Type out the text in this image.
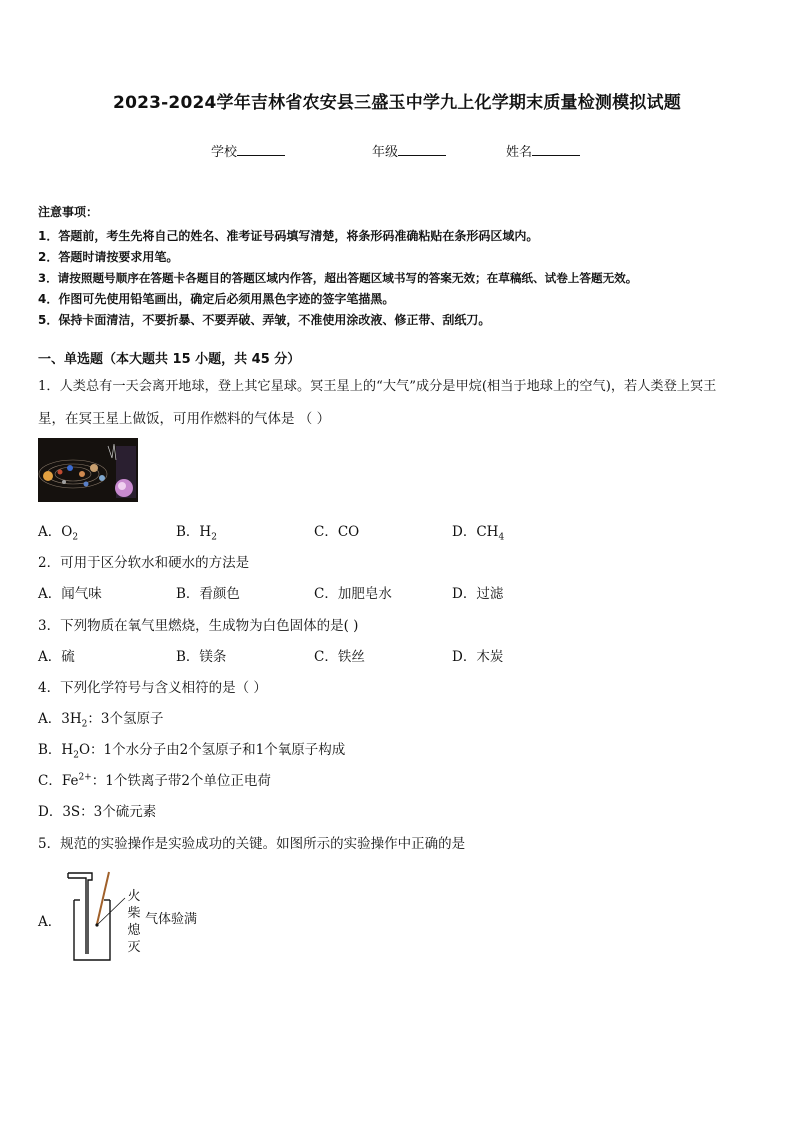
2023-2024学年吉林省农安县三盛玉中学九上化学期末质量检测模拟试题
学校	年级	姓名
注意事项：
1．答题前，考生先将自己的姓名、准考证号码填写清楚，将条形码准确粘贴在条形码区域内。
2．答题时请按要求用笔。
3．请按照题号顺序在答题卡各题目的答题区域内作答，超出答题区域书写的答案无效；在草稿纸、试卷上答题无效。
4．作图可先使用铅笔画出，确定后必须用黑色字迹的签字笔描黑。
5．保持卡面清洁，不要折暴、不要弄破、弄皱，不准使用涂改液、修正带、刮纸刀。
一、单选题（本大题共 15 小题，共 45 分）
1．人类总有一天会离开地球，登上其它星球。冥王星上的“大气”成分是甲烷(相当于地球上的空气)，若人类登上冥王
星，在冥王星上做饭，可用作燃料的气体是 （ ）
A．$O_2$	B．$H_2$	C．CO	D．$CH_4$
2．可用于区分软水和硬水的方法是
A．闻气味	B．看颜色	C．加肥皂水	D．过滤
3．下列物质在氧气里燃烧，生成物为白色固体的是( )
A．硫	B．镁条	C．铁丝	D．木炭
4．下列化学符号与含义相符的是（ ）
A．$3H_2$：3个氢原子
B．$H_2O$：1个水分子由2个氢原子和1个氧原子构成
C．$Fe^{2+}$：1个铁离子带2个单位正电荷
D．3S：3个硫元素
5．规范的实验操作是实验成功的关键。如图所示的实验操作中正确的是
A．
火
柴
熄
灭
气体验满
